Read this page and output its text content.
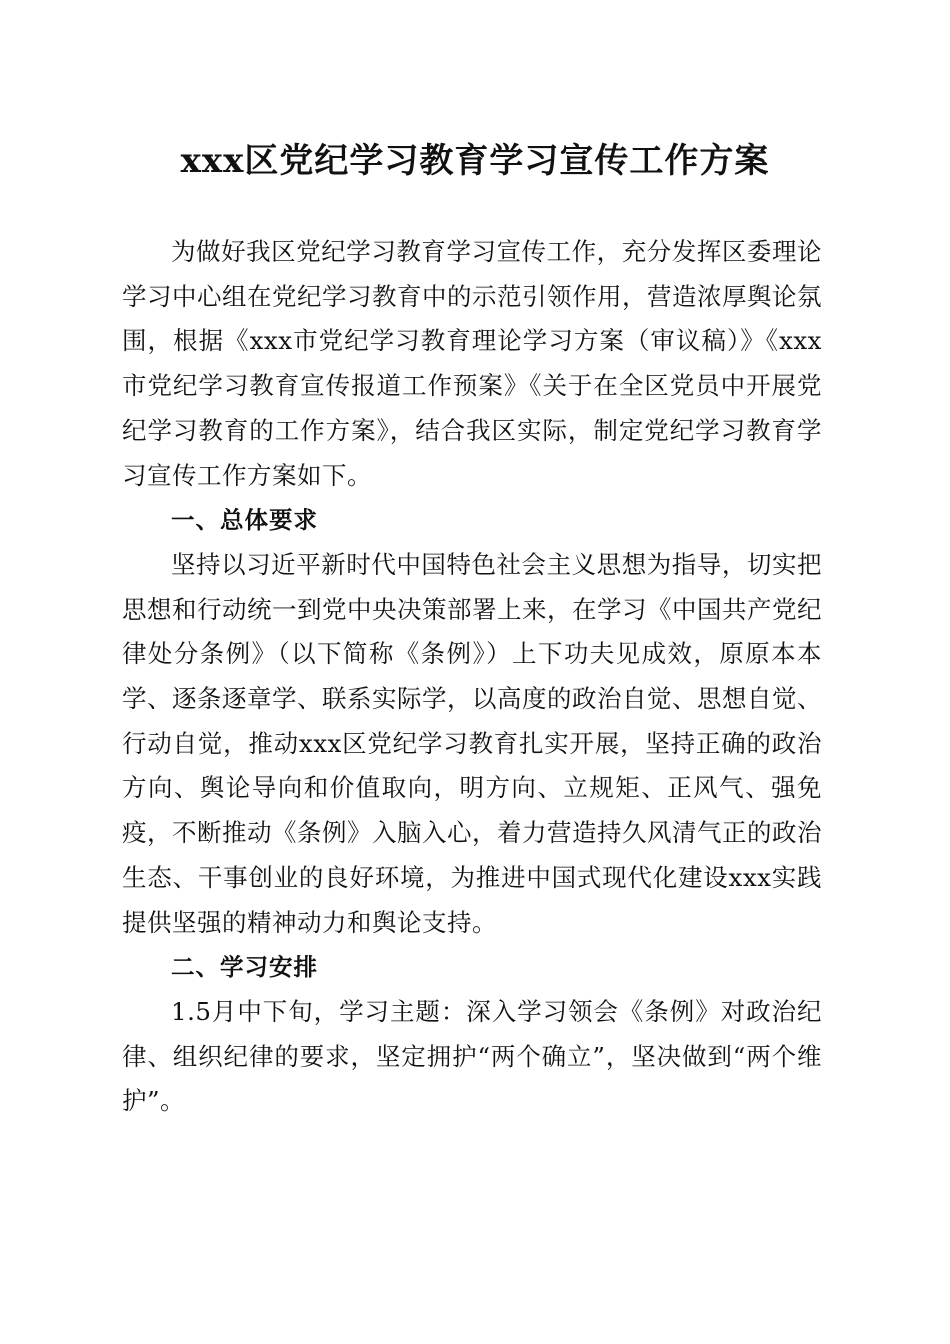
xxx区党纪学习教育学习宣传工作方案

为做好我区党纪学习教育学习宣传工作，充分发挥区委理论学习中心组在党纪学习教育中的示范引领作用，营造浓厚舆论氛围，根据《xxx市党纪学习教育理论学习方案（审议稿）》《xxx市党纪学习教育宣传报道工作预案》《关于在全区党员中开展党纪学习教育的工作方案》，结合我区实际，制定党纪学习教育学习宣传工作方案如下。

一、总体要求

坚持以习近平新时代中国特色社会主义思想为指导，切实把思想和行动统一到党中央决策部署上来，在学习《中国共产党纪律处分条例》（以下简称《条例》）上下功夫见成效，原原本本学、逐条逐章学、联系实际学，以高度的政治自觉、思想自觉、行动自觉，推动xxx区党纪学习教育扎实开展，坚持正确的政治方向、舆论导向和价值取向，明方向、立规矩、正风气、强免疫，不断推动《条例》入脑入心，着力营造持久风清气正的政治生态、干事创业的良好环境，为推进中国式现代化建设xxx实践提供坚强的精神动力和舆论支持。

二、学习安排

1.5月中下旬，学习主题：深入学习领会《条例》对政治纪律、组织纪律的要求，坚定拥护“两个确立”，坚决做到“两个维护”。
